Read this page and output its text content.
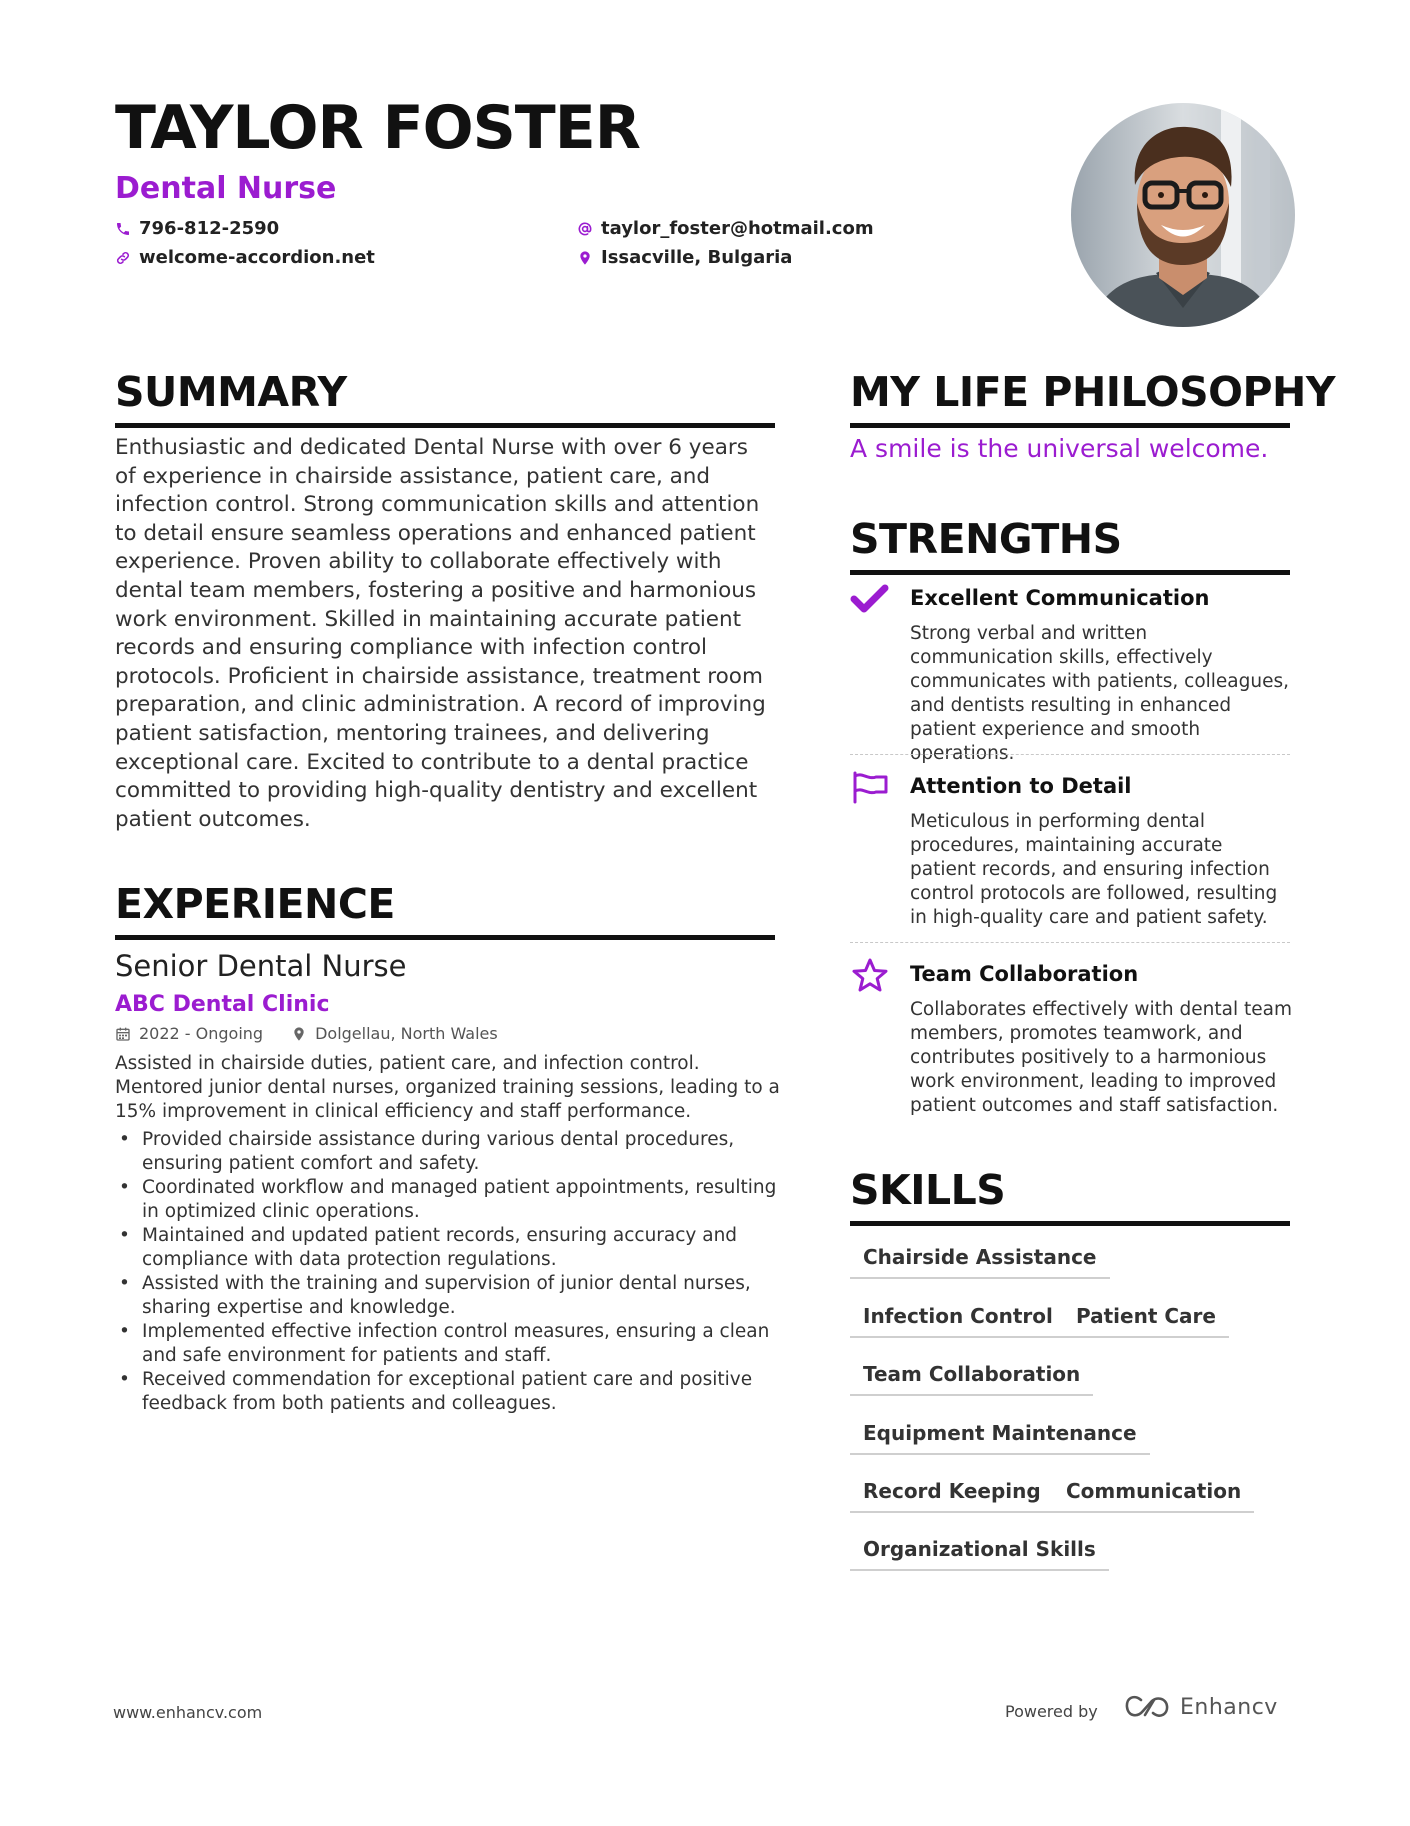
TAYLOR FOSTER
Dental Nurse
796-812-2590
welcome-accordion.net
taylor_foster@hotmail.com
Issacville, Bulgaria
SUMMARY

Enthusiastic and dedicated Dental Nurse with over 6 years of experience in chairside assistance, patient care, and infection control. Strong communication skills and attention to detail ensure seamless operations and enhanced patient experience. Proven ability to collaborate effectively with dental team members, fostering a positive and harmonious work environment. Skilled in maintaining accurate patient records and ensuring compliance with infection control protocols. Proficient in chairside assistance, treatment room preparation, and clinic administration. A record of improving patient satisfaction, mentoring trainees, and delivering exceptional care. Excited to contribute to a dental practice committed to providing high-quality dentistry and excellent patient outcomes.

EXPERIENCE

Senior Dental Nurse

ABC Dental Clinic

2022 - Ongoing	Dolgellau, North Wales

Assisted in chairside duties, patient care, and infection control. Mentored junior dental nurses, organized training sessions, leading to a 15% improvement in clinical efficiency and staff performance.

• Provided chairside assistance during various dental procedures, ensuring patient comfort and safety.
• Coordinated workflow and managed patient appointments, resulting in optimized clinic operations.
• Maintained and updated patient records, ensuring accuracy and compliance with data protection regulations.
• Assisted with the training and supervision of junior dental nurses, sharing expertise and knowledge.
• Implemented effective infection control measures, ensuring a clean and safe environment for patients and staff.
• Received commendation for exceptional patient care and positive feedback from both patients and colleagues.
MY LIFE PHILOSOPHY

A smile is the universal welcome.

STRENGTHS

Excellent Communication

Strong verbal and written communication skills, effectively communicates with patients, colleagues, and dentists resulting in enhanced patient experience and smooth operations.

Attention to Detail

Meticulous in performing dental procedures, maintaining accurate patient records, and ensuring infection control protocols are followed, resulting in high-quality care and patient safety.

Team Collaboration

Collaborates effectively with dental team members, promotes teamwork, and contributes positively to a harmonious work environment, leading to improved patient outcomes and staff satisfaction.

SKILLS
Chairside Assistance
Infection Control	Patient Care
Team Collaboration
Equipment Maintenance
Record Keeping	Communication
Organizational Skills
www.enhancv.com	Powered by	Enhancv
